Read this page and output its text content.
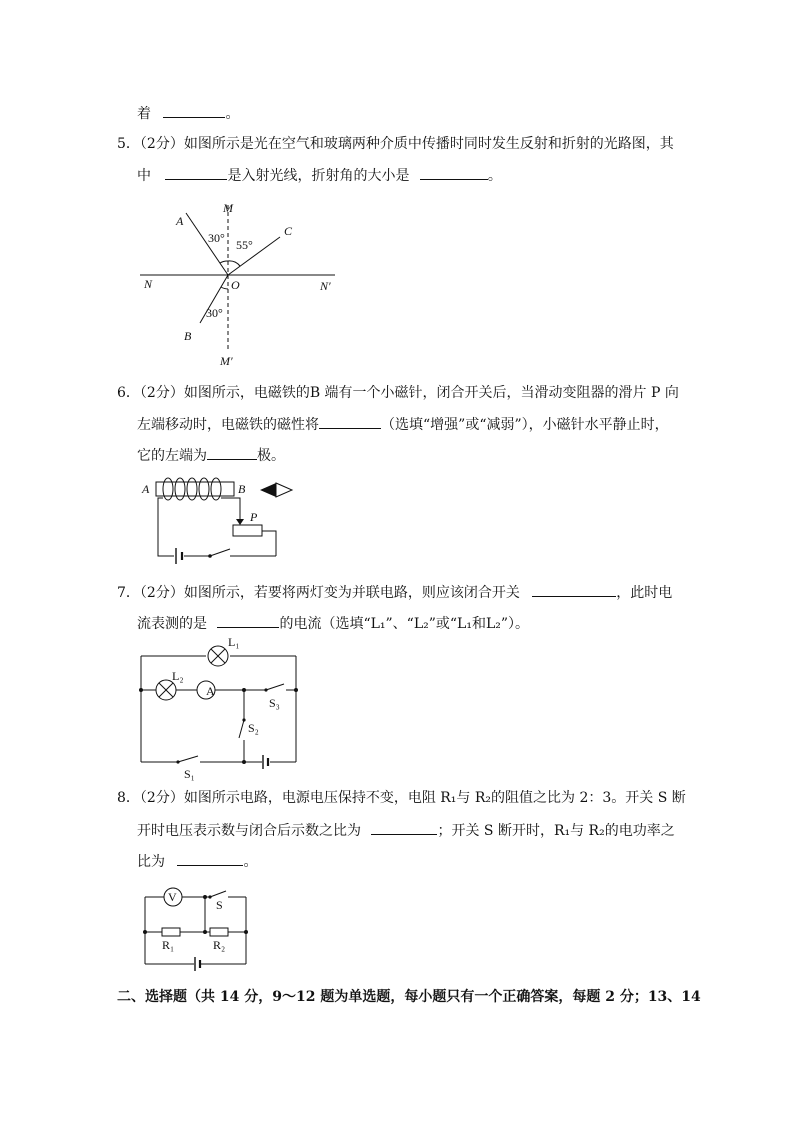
着	。
5．（2分）如图所示是光在空气和玻璃两种介质中传播时同时发生反射和折射的光路图，其
中	是入射光线，折射角的大小是	。
A
M
C
N	O	N′
B
M′
30° 55°
30°
6．（2分）如图所示，电磁铁的B 端有一个小磁针，闭合开关后，当滑动变阻器的滑片 P 向
左端移动时，电磁铁的磁性将	（选填“增强”或“减弱”），小磁针水平静止时，
它的左端为	极。
A	B
P
7．（2分）如图所示，若要将两灯变为并联电路，则应该闭合开关	，此时电
流表测的是	的电流（选填“L₁”、“L₂”或“L₁和L₂”）。
A
L₁
L₂
S₃
S₂
S₁
8．（2分）如图所示电路，电源电压保持不变，电阻 R₁与 R₂的阻值之比为 2：3。开关 S 断
开时电压表示数与闭合后示数之比为	；开关 S 断开时，R₁与 R₂的电功率之
比为	。
V
S
R₁	R₂
二、选择题（共 14 分，9～12 题为单选题，每小题只有一个正确答案，每题 2 分；13、14
